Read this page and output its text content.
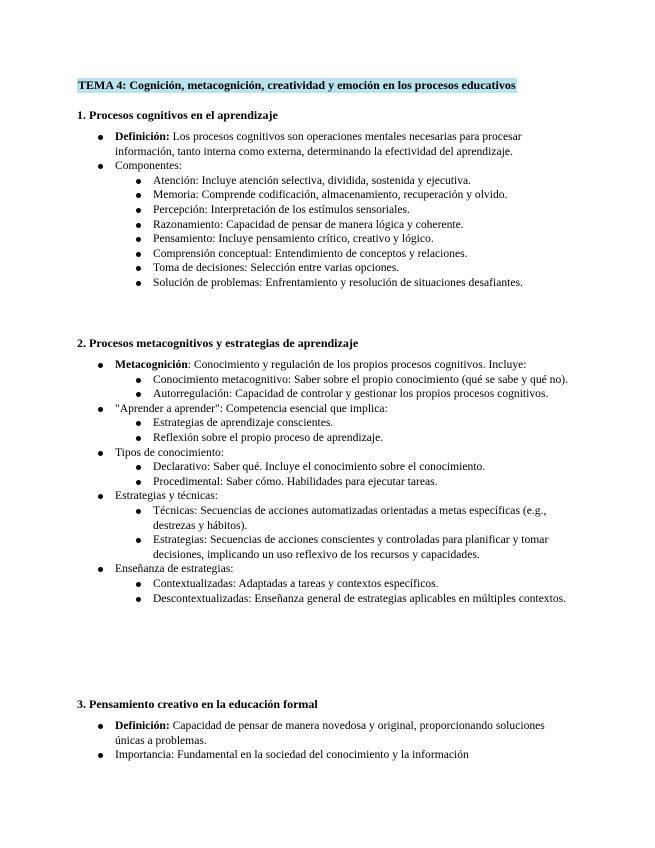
TEMA 4: Cognición, metacognición, creatividad y emoción en los procesos educativos
1. Procesos cognitivos en el aprendizaje
Definición: Los procesos cognitivos son operaciones mentales necesarias para procesar información, tanto interna como externa, determinando la efectividad del aprendizaje.
Componentes:
Atención: Incluye atención selectiva, dividida, sostenida y ejecutiva.
Memoria: Comprende codificación, almacenamiento, recuperación y olvido.
Percepción: Interpretación de los estímulos sensoriales.
Razonamiento: Capacidad de pensar de manera lógica y coherente.
Pensamiento: Incluye pensamiento crítico, creativo y lógico.
Comprensión conceptual: Entendimiento de conceptos y relaciones.
Toma de decisiones: Selección entre varias opciones.
Solución de problemas: Enfrentamiento y resolución de situaciones desafiantes.
2. Procesos metacognitivos y estrategias de aprendizaje
Metacognición: Conocimiento y regulación de los propios procesos cognitivos. Incluye:
Conocimiento metacognitivo: Saber sobre el propio conocimiento (qué se sabe y qué no).
Autorregulación: Capacidad de controlar y gestionar los propios procesos cognitivos.
"Aprender a aprender": Competencia esencial que implica:
Estrategias de aprendizaje conscientes.
Reflexión sobre el propio proceso de aprendizaje.
Tipos de conocimiento:
Declarativo: Saber qué. Incluye el conocimiento sobre el conocimiento.
Procedimental: Saber cómo. Habilidades para ejecutar tareas.
Estrategias y técnicas:
Técnicas: Secuencias de acciones automatizadas orientadas a metas específicas (e.g., destrezas y hábitos).
Estrategias: Secuencias de acciones conscientes y controladas para planificar y tomar decisiones, implicando un uso reflexivo de los recursos y capacidades.
Enseñanza de estrategias:
Contextualizadas: Adaptadas a tareas y contextos específicos.
Descontextualizadas: Enseñanza general de estrategias aplicables en múltiples contextos.
3. Pensamiento creativo en la educación formal
Definición: Capacidad de pensar de manera novedosa y original, proporcionando soluciones únicas a problemas.
Importancia: Fundamental en la sociedad del conocimiento y la información
